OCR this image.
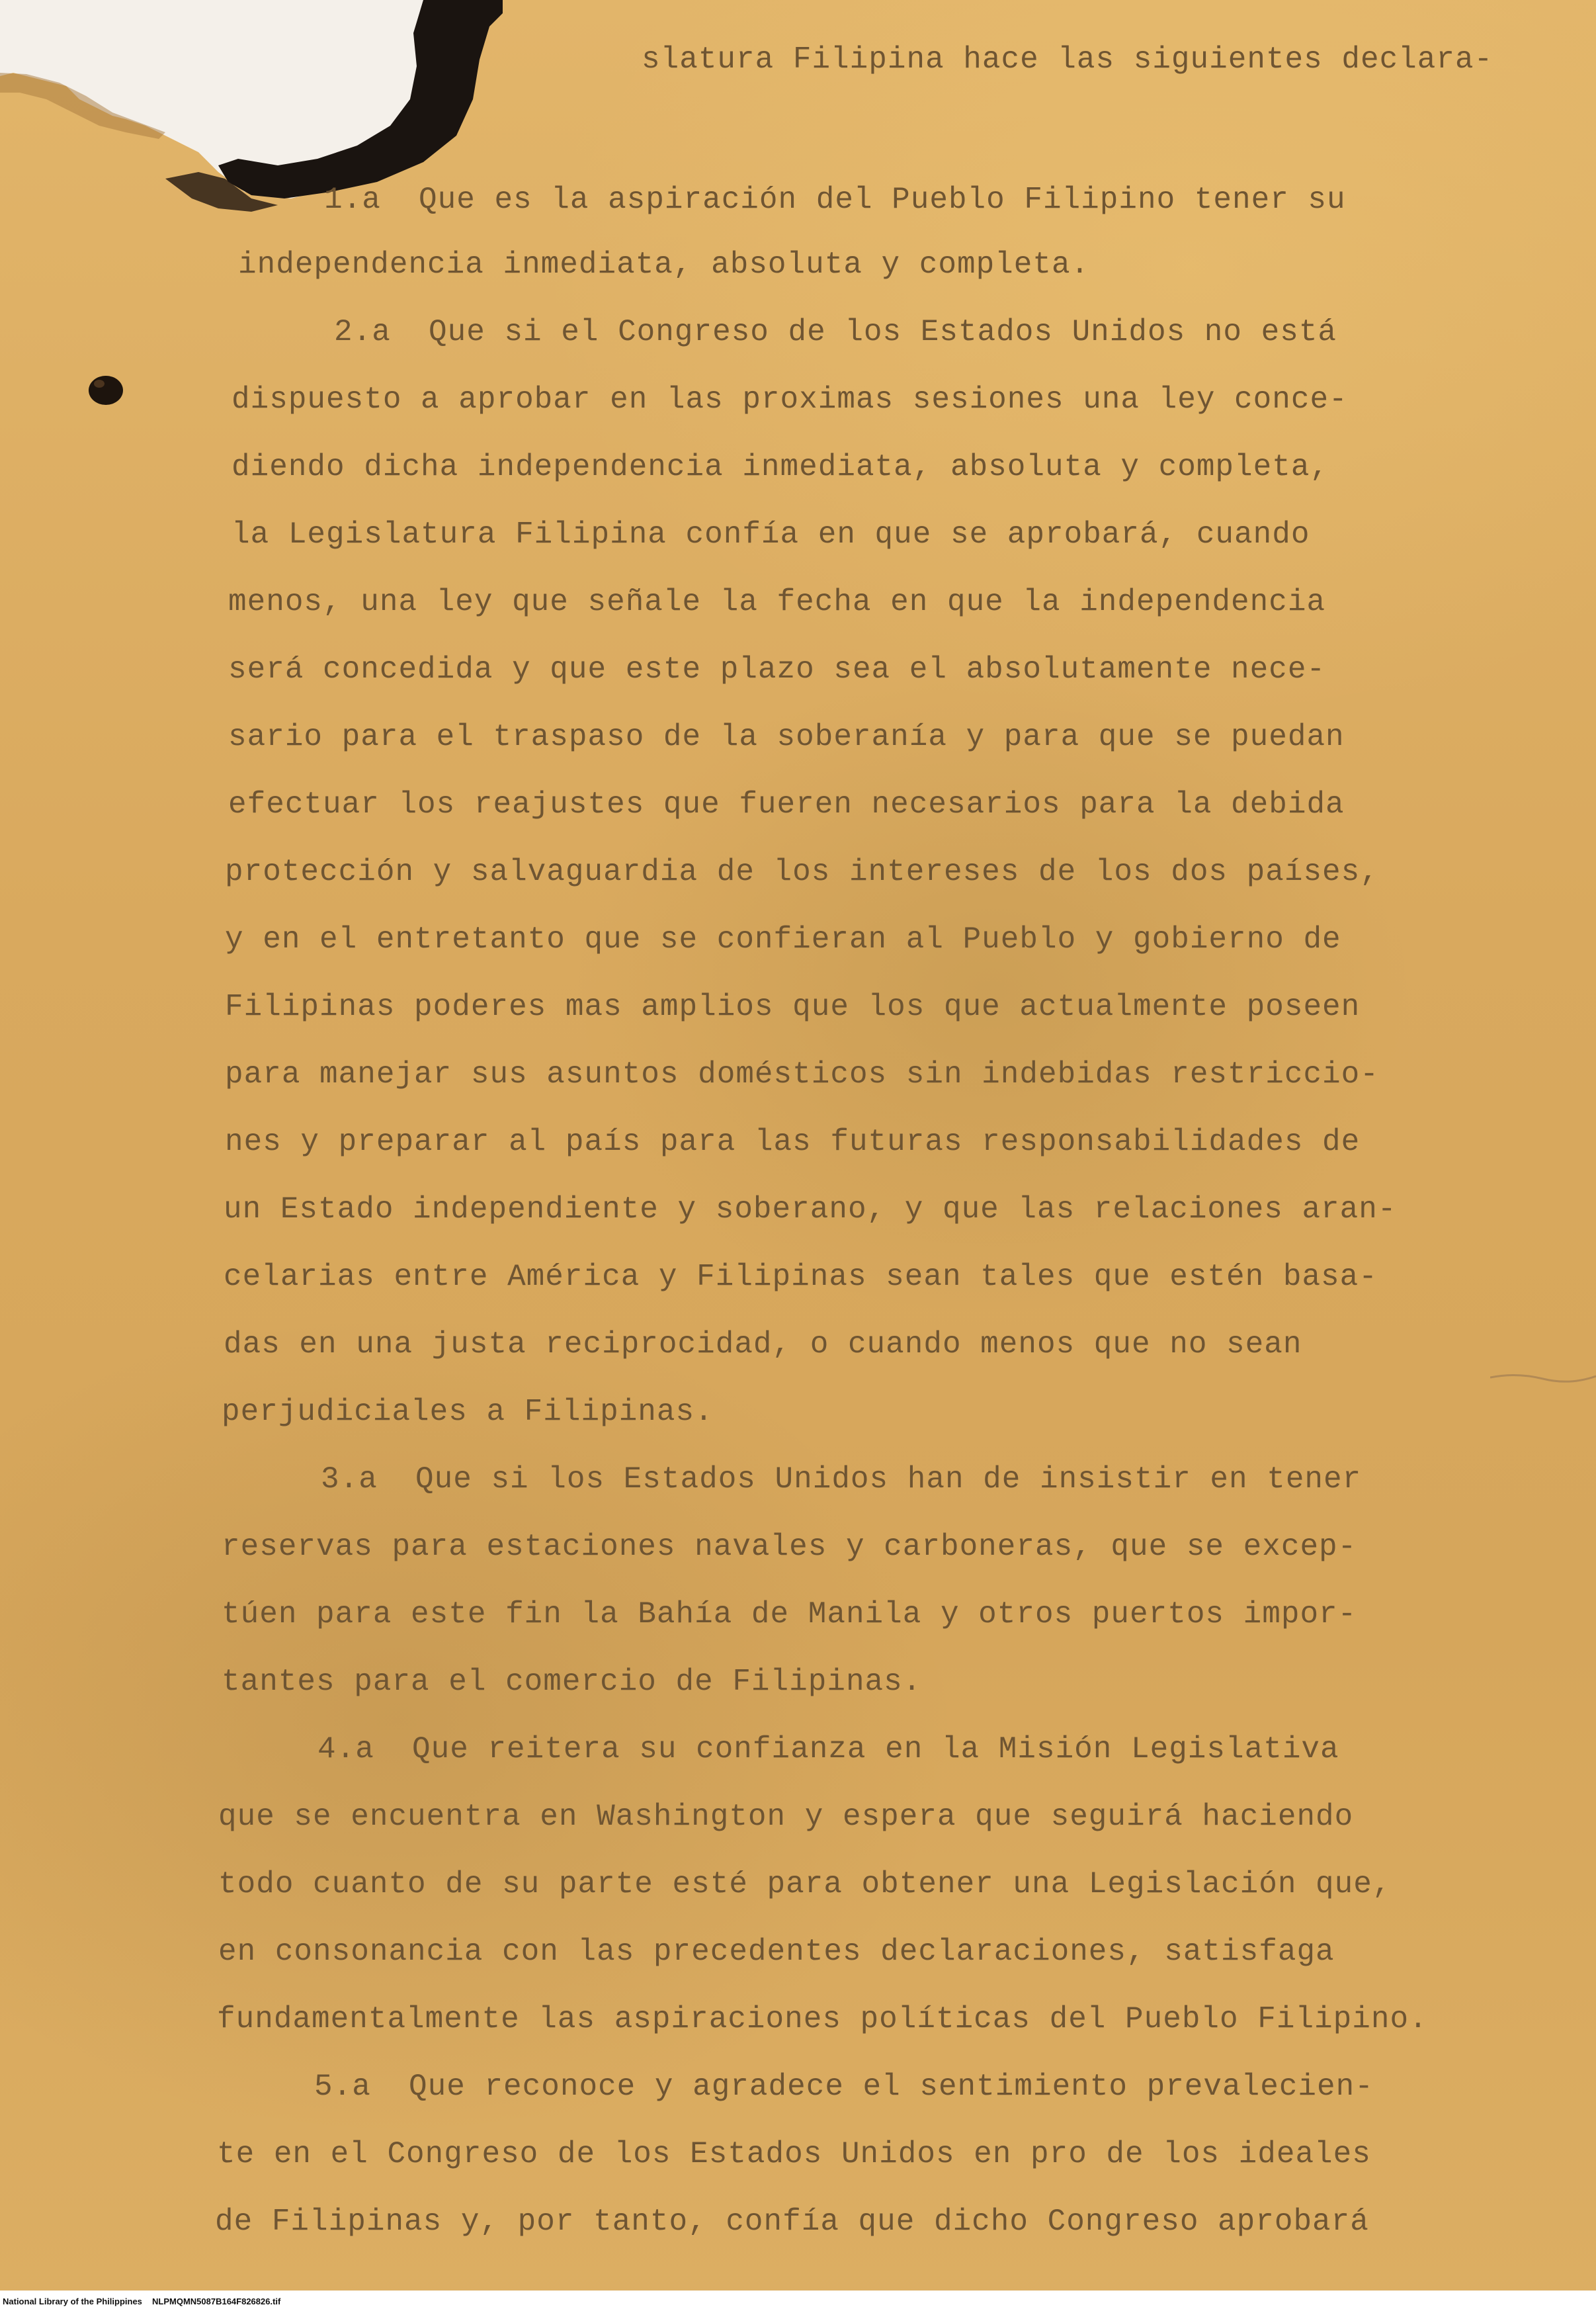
slatura Filipina hace las siguientes declara-
1.a  Que es la aspiración del Pueblo Filipino tener su
independencia inmediata, absoluta y completa.
2.a  Que si el Congreso de los Estados Unidos no está
dispuesto a aprobar en las proximas sesiones una ley conce-
diendo dicha independencia inmediata, absoluta y completa,
la Legislatura Filipina confía en que se aprobará, cuando
menos, una ley que señale la fecha en que la independencia
será concedida y que este plazo sea el absolutamente nece-
sario para el traspaso de la soberanía y para que se puedan
efectuar los reajustes que fueren necesarios para la debida
protección y salvaguardia de los intereses de los dos países,
y en el entretanto que se confieran al Pueblo y gobierno de
Filipinas poderes mas amplios que los que actualmente poseen
para manejar sus asuntos domésticos sin indebidas restriccio-
nes y preparar al país para las futuras responsabilidades de
un Estado independiente y soberano, y que las relaciones aran-
celarias entre América y Filipinas sean tales que estén basa-
das en una justa reciprocidad, o cuando menos que no sean
perjudiciales a Filipinas.
3.a  Que si los Estados Unidos han de insistir en tener
reservas para estaciones navales y carboneras, que se excep-
túen para este fin la Bahía de Manila y otros puertos impor-
tantes para el comercio de Filipinas.
4.a  Que reitera su confianza en la Misión Legislativa
que se encuentra en Washington y espera que seguirá haciendo
todo cuanto de su parte esté para obtener una Legislación que,
en consonancia con las precedentes declaraciones, satisfaga
fundamentalmente las aspiraciones políticas del Pueblo Filipino.
5.a  Que reconoce y agradece el sentimiento prevalecien-
te en el Congreso de los Estados Unidos en pro de los ideales
de Filipinas y, por tanto, confía que dicho Congreso aprobará
National Library of the Philippines NLPMQMN5087B164F826826.tif
